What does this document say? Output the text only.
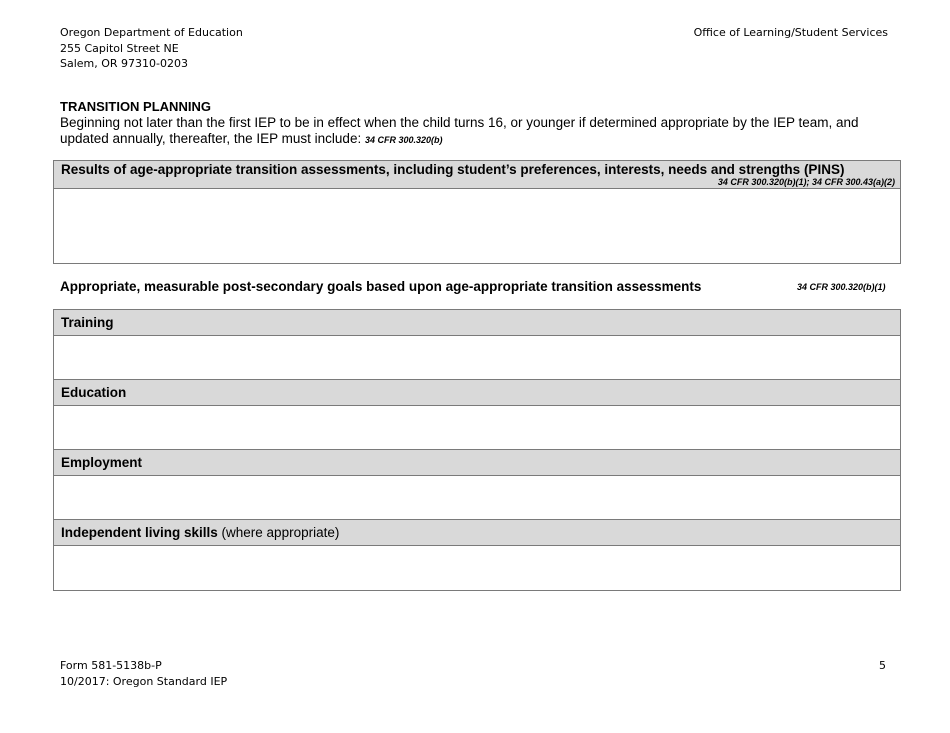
Oregon Department of Education
255 Capitol Street NE
Salem, OR 97310-0203
Office of Learning/Student Services
TRANSITION PLANNING
Beginning not later than the first IEP to be in effect when the child turns 16, or younger if determined appropriate by the IEP team, and updated annually, thereafter, the IEP must include: 34 CFR 300.320(b)
Results of age-appropriate transition assessments, including student’s preferences, interests, needs and strengths (PINS)
34 CFR 300.320(b)(1); 34 CFR 300.43(a)(2)
Appropriate, measurable post-secondary goals based upon age-appropriate transition assessments	34 CFR 300.320(b)(1)
Training
Education
Employment
Independent living skills (where appropriate)
Form 581-5138b-P
10/2017: Oregon Standard IEP
5
